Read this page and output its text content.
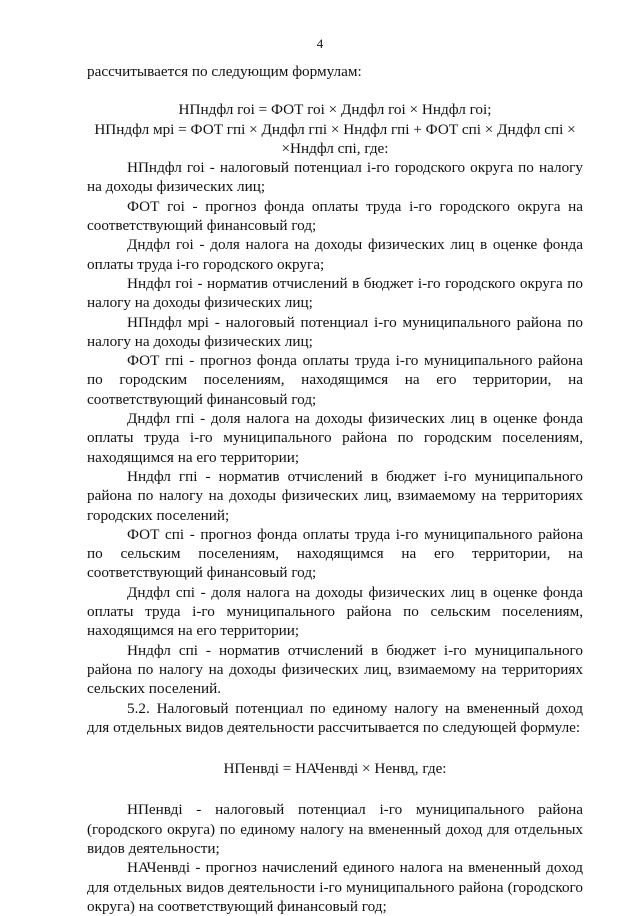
4

рассчитывается по следующим формулам:

НПндфл гоі = ФОТ гоі × Дндфл гоі × Нндфл гоі;

НПндфл мрі = ФОТ гпі × Дндфл гпі × Нндфл гпі + ФОТ спі × Дндфл спі ×

×Нндфл спі, где:

НПндфл гоі - налоговый потенциал і-го городского округа по налогу на доходы физических лиц;

ФОТ гоі - прогноз фонда оплаты труда і-го городского округа на соответствующий финансовый год;

Дндфл гоі - доля налога на доходы физических лиц в оценке фонда оплаты труда і-го городского округа;

Нндфл гоі - норматив отчислений в бюджет і-го городского округа по налогу на доходы физических лиц;

НПндфл мрі - налоговый потенциал і-го муниципального района по налогу на доходы физических лиц;

ФОТ гпі - прогноз фонда оплаты труда і-го муниципального района по городским поселениям, находящимся на его территории, на соответствующий финансовый год;

Дндфл гпі - доля налога на доходы физических лиц в оценке фонда оплаты труда і-го муниципального района по городским поселениям, находящимся на его территории;

Нндфл гпі - норматив отчислений в бюджет і-го муниципального района по налогу на доходы физических лиц, взимаемому на территориях городских поселений;

ФОТ спі - прогноз фонда оплаты труда і-го муниципального района по сельским поселениям, находящимся на его территории, на соответствующий финансовый год;

Дндфл спі - доля налога на доходы физических лиц в оценке фонда оплаты труда і-го муниципального района по сельским поселениям, находящимся на его территории;

Нндфл спі - норматив отчислений в бюджет і-го муниципального района по налогу на доходы физических лиц, взимаемому на территориях сельских поселений.

5.2. Налоговый потенциал по единому налогу на вмененный доход для отдельных видов деятельности рассчитывается по следующей формуле:

НПенвді = НАЧенвді × Ненвд, где:

НПенвді - налоговый потенциал і-го муниципального района (городского округа) по единому налогу на вмененный доход для отдельных видов деятельности;

НАЧенвді - прогноз начислений единого налога на вмененный доход для отдельных видов деятельности і-го муниципального района (городского округа) на соответствующий финансовый год;
